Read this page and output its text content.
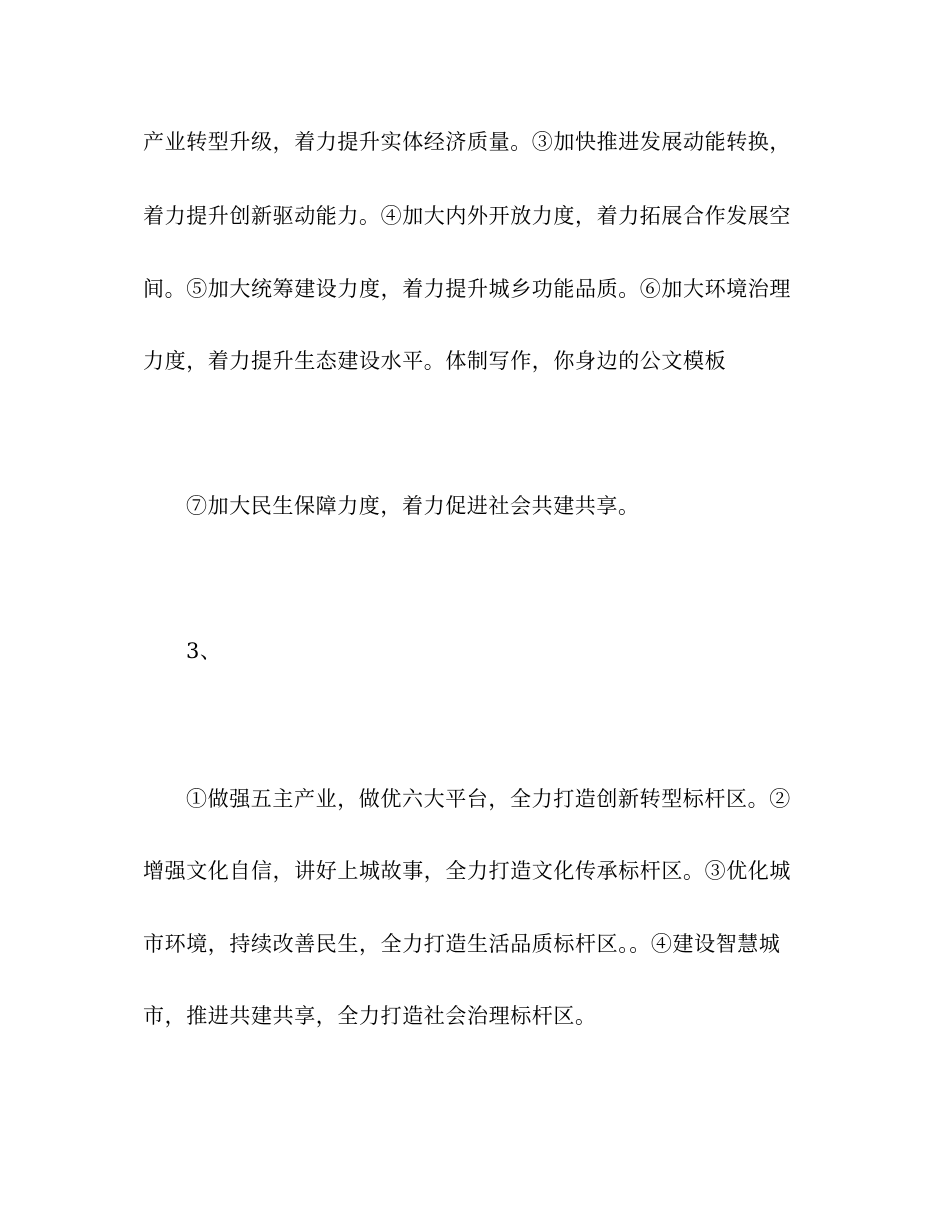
产业转型升级，着力提升实体经济质量。③加快推进发展动能转换，
着力提升创新驱动能力。④加大内外开放力度，着力拓展合作发展空
间。⑤加大统筹建设力度，着力提升城乡功能品质。⑥加大环境治理
力度，着力提升生态建设水平。体制写作，你身边的公文模板
⑦加大民生保障力度，着力促进社会共建共享。
3、
①做强五主产业，做优六大平台，全力打造创新转型标杆区。②
增强文化自信，讲好上城故事，全力打造文化传承标杆区。③优化城
市环境，持续改善民生，全力打造生活品质标杆区。。④建设智慧城
市，推进共建共享，全力打造社会治理标杆区。
